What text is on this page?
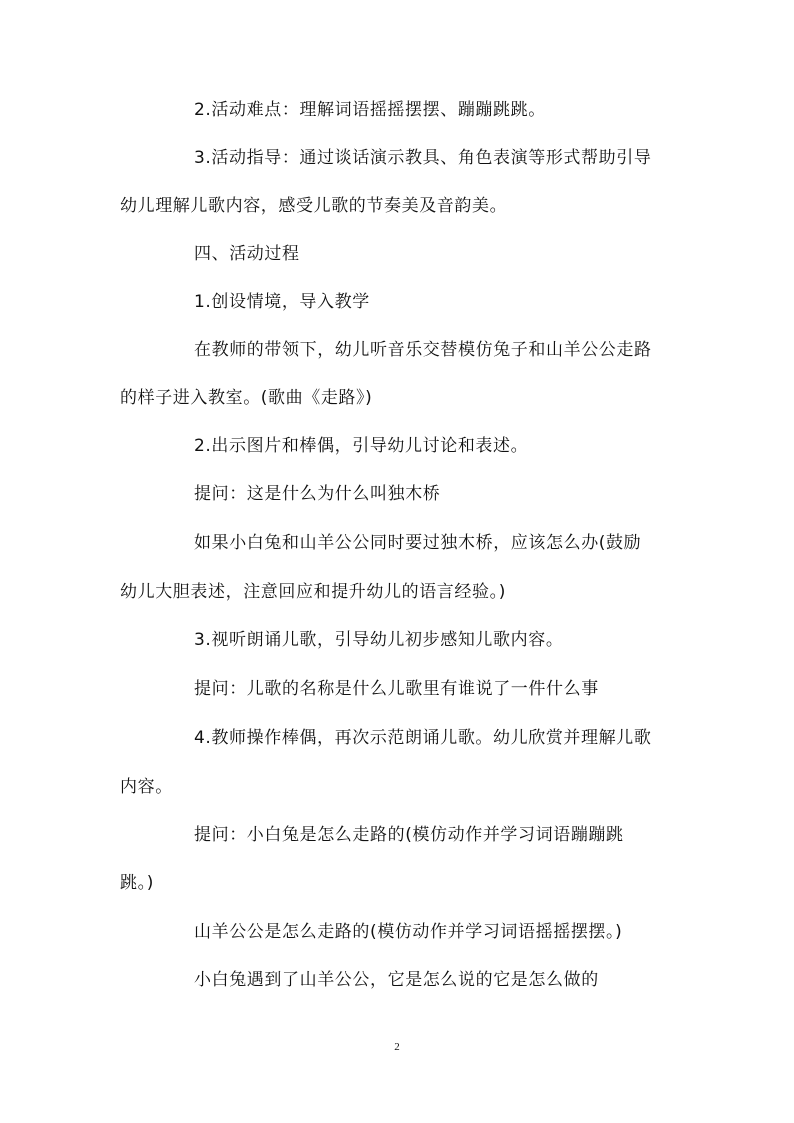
2.活动难点：理解词语摇摇摆摆、蹦蹦跳跳。
3.活动指导：通过谈话演示教具、角色表演等形式帮助引导
幼儿理解儿歌内容，感受儿歌的节奏美及音韵美。
四、活动过程
1.创设情境，导入教学
在教师的带领下，幼儿听音乐交替模仿兔子和山羊公公走路
的样子进入教室。(歌曲《走路》)
2.出示图片和棒偶，引导幼儿讨论和表述。
提问：这是什么为什么叫独木桥
如果小白兔和山羊公公同时要过独木桥，应该怎么办(鼓励
幼儿大胆表述，注意回应和提升幼儿的语言经验。)
3.视听朗诵儿歌，引导幼儿初步感知儿歌内容。
提问：儿歌的名称是什么儿歌里有谁说了一件什么事
4.教师操作棒偶，再次示范朗诵儿歌。幼儿欣赏并理解儿歌
内容。
提问：小白兔是怎么走路的(模仿动作并学习词语蹦蹦跳
跳。)
山羊公公是怎么走路的(模仿动作并学习词语摇摇摆摆。)
小白兔遇到了山羊公公，它是怎么说的它是怎么做的
2
